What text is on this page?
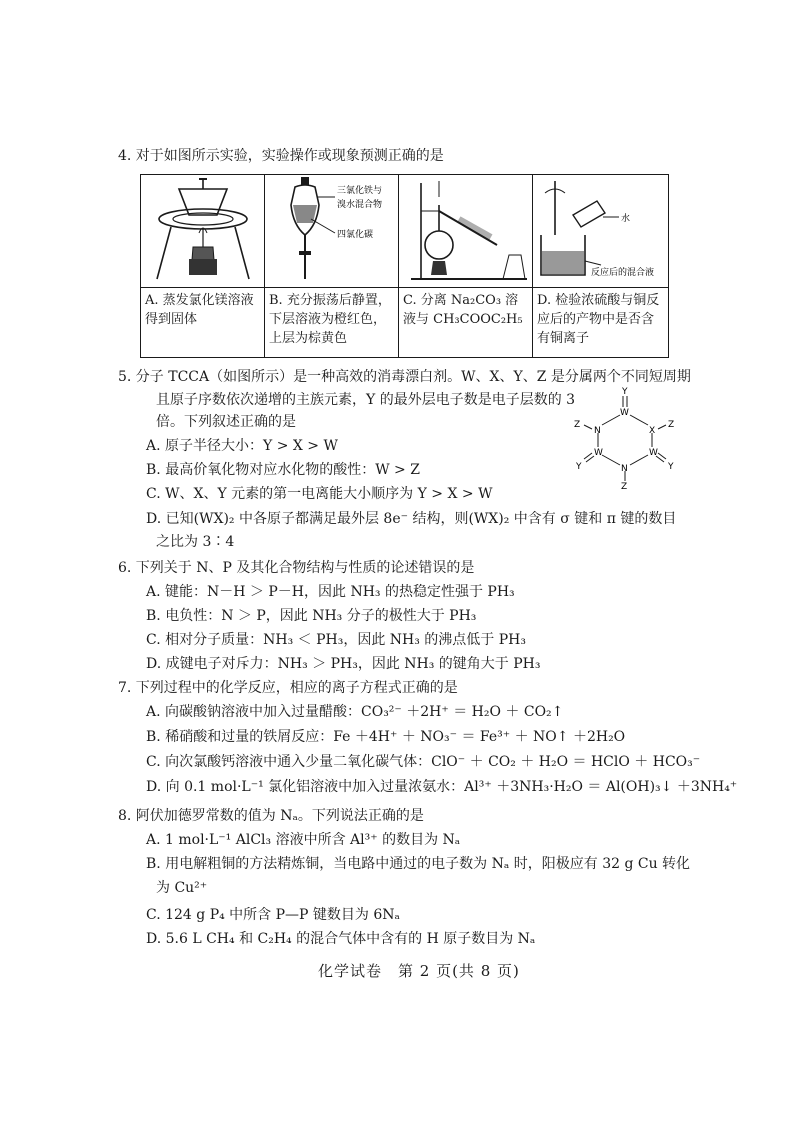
4. 对于如图所示实验，实验操作或现象预测正确的是

三氯化铁与
溴水混合物
四氯化碳		水
反应后的混合液

A. 蒸发氯化镁溶液得到固体	B. 充分振荡后静置，下层溶液为橙红色，上层为棕黄色	C. 分离 Na₂CO₃ 溶液与 CH₃COOC₂H₅	D. 检验浓硫酸与铜反应后的产物中是否含有铜离子
5. 分子 TCCA（如图所示）是一种高效的消毒漂白剂。W、X、Y、Z 是分属两个不同短周期
且原子序数依次递增的主族元素，Y 的最外层电子数是电子层数的 3
倍。下列叙述正确的是
A. 原子半径大小：Y > X > W
B. 最高价氧化物对应水化物的酸性：W > Z
C. W、X、Y 元素的第一电离能大小顺序为 Y > X > W
D. 已知(WX)₂ 中各原子都满足最外层 8e⁻ 结构，则(WX)₂ 中含有 σ 键和 π 键的数目
之比为 3∶4
Y
W
Z
N	X
Z
W	W
Y	Y
N
Z
6. 下列关于 N、P 及其化合物结构与性质的论述错误的是
A. 键能：N－H ＞ P－H，因此 NH₃ 的热稳定性强于 PH₃
B. 电负性：N ＞ P，因此 NH₃ 分子的极性大于 PH₃
C. 相对分子质量：NH₃ ＜ PH₃，因此 NH₃ 的沸点低于 PH₃
D. 成键电子对斥力：NH₃ ＞ PH₃，因此 NH₃ 的键角大于 PH₃
7. 下列过程中的化学反应，相应的离子方程式正确的是
A. 向碳酸钠溶液中加入过量醋酸：CO₃²⁻ ＋2H⁺ ＝ H₂O ＋ CO₂↑
B. 稀硝酸和过量的铁屑反应：Fe ＋4H⁺ ＋ NO₃⁻ ＝ Fe³⁺ ＋ NO↑ ＋2H₂O
C. 向次氯酸钙溶液中通入少量二氧化碳气体：ClO⁻ ＋ CO₂ ＋ H₂O ＝ HClO ＋ HCO₃⁻
D. 向 0.1 mol·L⁻¹ 氯化铝溶液中加入过量浓氨水：Al³⁺ ＋3NH₃·H₂O ＝ Al(OH)₃↓ ＋3NH₄⁺
8. 阿伏加德罗常数的值为 Nₐ。下列说法正确的是
A. 1 mol·L⁻¹ AlCl₃ 溶液中所含 Al³⁺ 的数目为 Nₐ
B. 用电解粗铜的方法精炼铜，当电路中通过的电子数为 Nₐ 时，阳极应有 32 g Cu 转化
为 Cu²⁺
C. 124 g P₄ 中所含 P—P 键数目为 6Nₐ
D. 5.6 L CH₄ 和 C₂H₄ 的混合气体中含有的 H 原子数目为 Nₐ
化学试卷　第 2 页(共 8 页)
